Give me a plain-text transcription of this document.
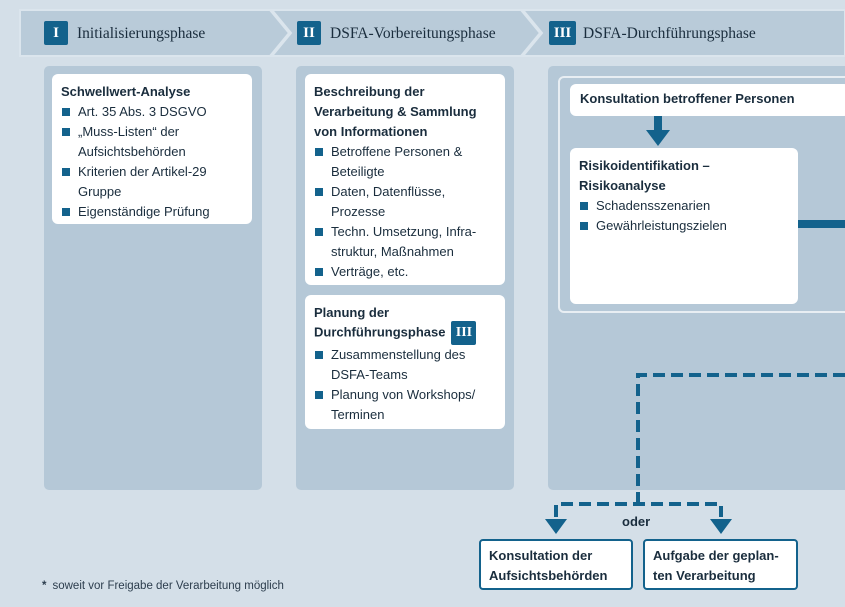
I	Initialisierungsphase	II DSFA-Vorbereitungsphase	III DSFA-Durchführungsphase
Schwellwert-Analyse
Art. 35 Abs. 3 DSGVO
„Muss-Listen“ der Aufsichtsbehörden
Kriterien der Artikel-29 Gruppe
Eigenständige Prüfung
Beschreibung der Verarbeitung & Sammlung von Informationen
Betroffene Personen & Beteiligte
Daten, Datenflüsse, Prozesse
Techn. Umsetzung, Infrastruktur, Maßnahmen
Verträge, etc.
Planung der
Durchführungsphase III
Zusammenstellung des DSFA-Teams
Planung von Workshops/ Terminen
Konsultation betroffener Personen
Risikoidentifikation – Risikoanalyse
Schadensszenarien
Gewährleistungszielen
oder
Konsultation der Aufsichtsbehörden
Aufgabe der geplanten Verarbeitung
* soweit vor Freigabe der Verarbeitung möglich
